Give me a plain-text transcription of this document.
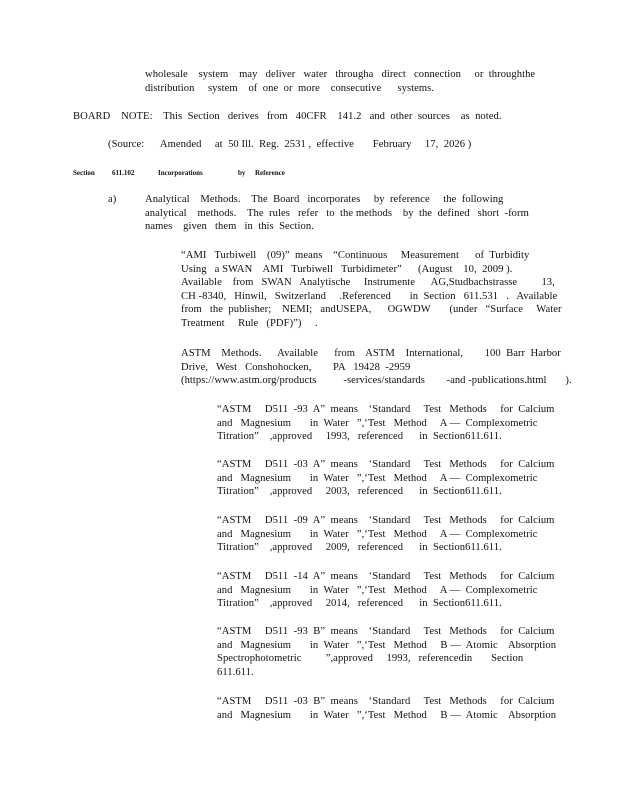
wholesale    system    may   deliver   water   througha   direct   connection     or  throughthe

distribution     system    of  one  or  more    consecutive      systems.

BOARD    NOTE:    This  Section   derives   from   40CFR    141.2   and  other  sources    as  noted.

(Source:      Amended     at  50 Ill.  Reg.  2531 ,  effective       February     17,  2026 )

Section 611.102	Incorporations	by Reference
a)	Analytical    Methods.    The  Board   incorporates     by  reference     the  following

analytical    methods.    The  rules   refer   to  the methods    by  the  defined   short  -form

names    given   them   in  this  Section.

“AMI   Turbiwell    (09)”  means    “Continuous     Measurement      of  Turbidity

Using   a SWAN    AMI   Turbiwell   Turbidimeter”      (August    10,  2009 ).

Available    from   SWAN   Analytische     Instrumente      AG,Studbachstrasse         13,

CH -8340,   Hinwil,   Switzerland     .Referenced       in  Section   611.531   .   Available

from   the  publisher;    NEMI;   andUSEPA,      OGWDW       (under   “Surface     Water

Treatment     Rule   (PDF)”)     .

ASTM    Methods.      Available      from    ASTM    International,        100  Barr  Harbor

Drive,   West   Conshohocken,        PA   19428  -2959

(https://www.astm.org/products          -services/standards        -and -publications.html       ).

“ASTM     D511  -93  A”  means    ‘Standard     Test   Methods     for  Calcium

and   Magnesium       in  Water   ”,‘Test   Method     A —  Complexometric

Titration”    ,approved     1993,   referenced      in  Section611.611.

“ASTM     D511  -03  A”  means    ‘Standard     Test   Methods     for  Calcium

and   Magnesium       in  Water   ”,‘Test   Method     A —  Complexometric

Titration”    ,approved     2003,   referenced      in  Section611.611.

“ASTM     D511  -09  A”  means    ‘Standard     Test   Methods     for  Calcium

and   Magnesium       in  Water   ”,‘Test   Method     A —  Complexometric

Titration”    ,approved     2009,   referenced      in  Section611.611.

“ASTM     D511  -14  A”  means    ‘Standard     Test   Methods     for  Calcium

and   Magnesium       in  Water   ”,‘Test   Method     A —  Complexometric

Titration”    ,approved     2014,   referenced      in  Section611.611.

“ASTM     D511  -93  B”  means    ‘Standard     Test   Methods     for  Calcium

and   Magnesium       in  Water   ”,‘Test   Method     B —  Atomic    Absorption

Spectrophotometric         ”,approved     1993,   referencedin       Section

611.611.

“ASTM     D511  -03  B”  means    ‘Standard     Test   Methods     for  Calcium

and   Magnesium       in  Water   ”,‘Test   Method     B —  Atomic    Absorption
